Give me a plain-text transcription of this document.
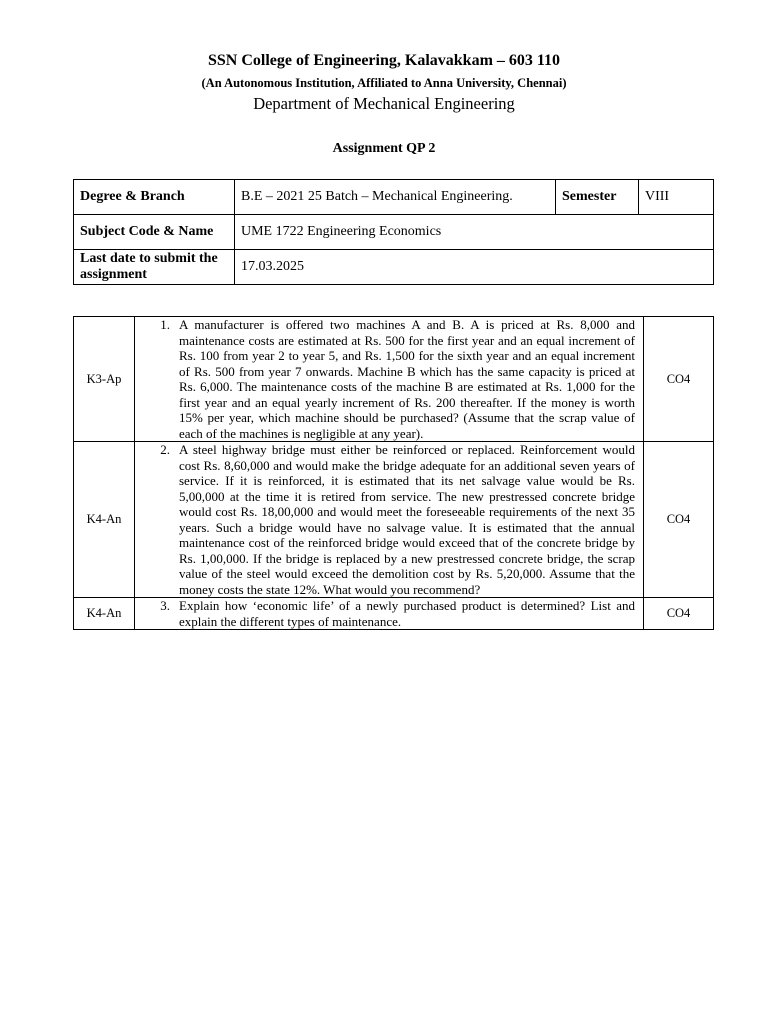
SSN College of Engineering, Kalavakkam – 603 110
(An Autonomous Institution, Affiliated to Anna University, Chennai)
Department of Mechanical Engineering
Assignment QP 2
Degree & Branch	B.E – 2021 25 Batch – Mechanical Engineering.	Semester	VIII
Subject Code & Name	UME 1722 Engineering Economics		
Last date to submit the assignment	17.03.2025		
K3-Ap	1. A manufacturer is offered two machines A and B. A is priced at Rs. 8,000 and maintenance costs are estimated at Rs. 500 for the first year and an equal increment of Rs. 100 from year 2 to year 5, and Rs. 1,500 for the sixth year and an equal increment of Rs. 500 from year 7 onwards. Machine B which has the same capacity is priced at Rs. 6,000. The maintenance costs of the machine B are estimated at Rs. 1,000 for the first year and an equal yearly increment of Rs. 200 thereafter. If the money is worth 15% per year, which machine should be purchased? (Assume that the scrap value of each of the machines is negligible at any year).	CO4
K4-An	2. A steel highway bridge must either be reinforced or replaced. Reinforcement would cost Rs. 8,60,000 and would make the bridge adequate for an additional seven years of service. If it is reinforced, it is estimated that its net salvage value would be Rs. 5,00,000 at the time it is retired from service. The new prestressed concrete bridge would cost Rs. 18,00,000 and would meet the foreseeable requirements of the next 35 years. Such a bridge would have no salvage value. It is estimated that the annual maintenance cost of the reinforced bridge would exceed that of the concrete bridge by Rs. 1,00,000. If the bridge is replaced by a new prestressed concrete bridge, the scrap value of the steel would exceed the demolition cost by Rs. 5,20,000. Assume that the money costs the state 12%. What would you recommend?	CO4
K4-An	3. Explain how ‘economic life’ of a newly purchased product is determined? List and explain the different types of maintenance.	CO4
